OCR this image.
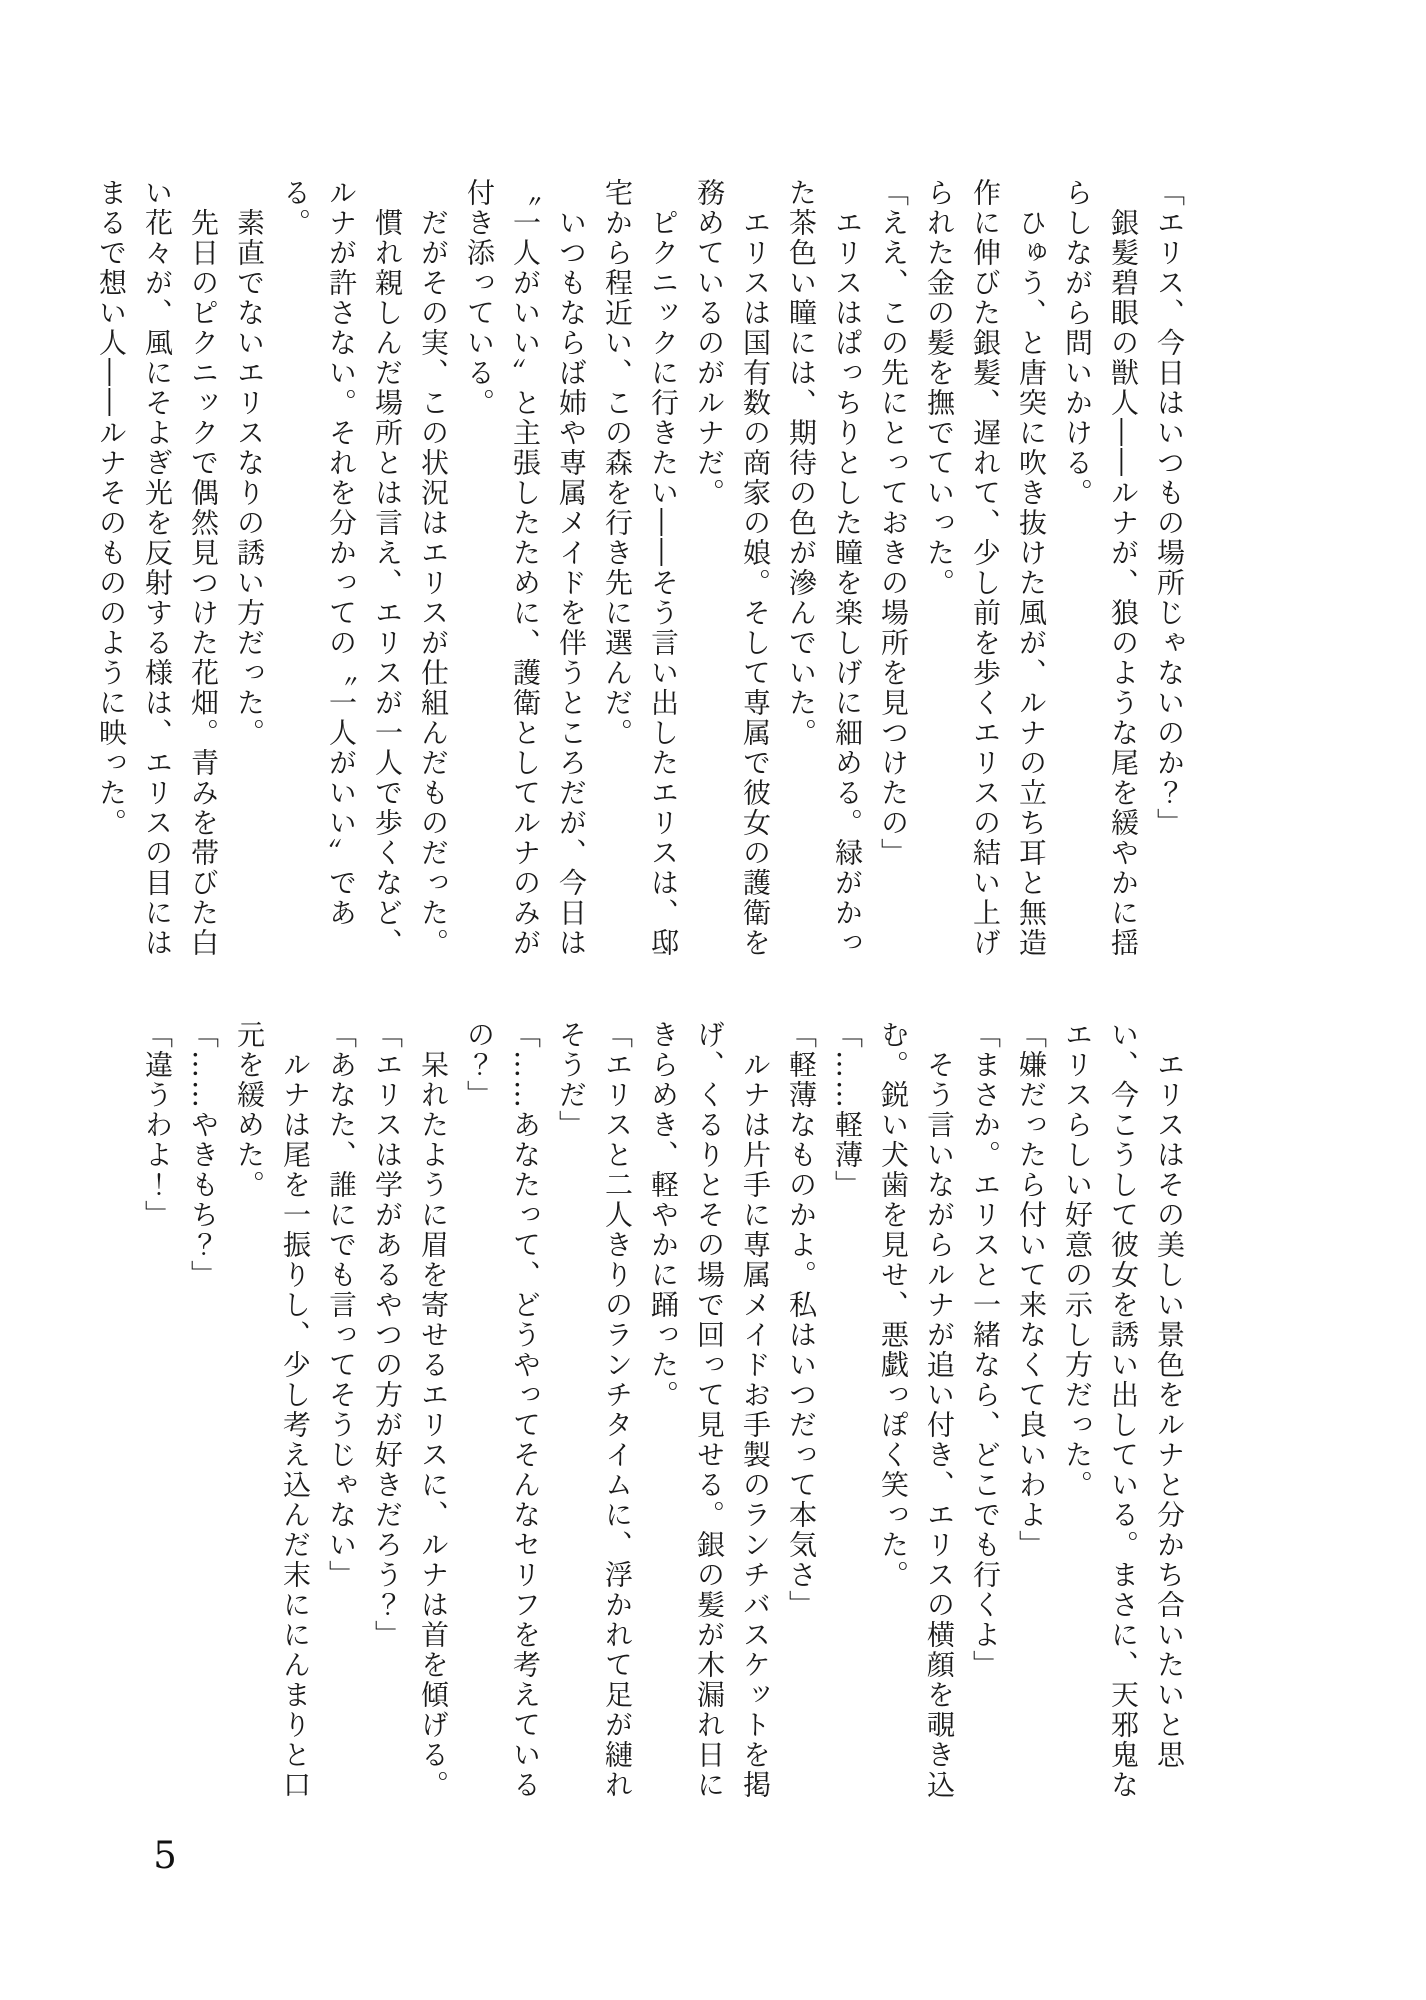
「エリス、今日はいつもの場所じゃないのか？」

銀髪碧眼の獣人――ルナが、狼のような尾を緩やかに揺らしながら問いかける。

ひゅう、と唐突に吹き抜けた風が、ルナの立ち耳と無造作に伸びた銀髪、遅れて、少し前を歩くエリスの結い上げられた金の髪を撫でていった。

「ええ、この先にとっておきの場所を見つけたの」

エリスはぱっちりとした瞳を楽しげに細める。緑がかった茶色い瞳には、期待の色が滲んでいた。

エリスは国有数の商家の娘。そして専属で彼女の護衛を務めているのがルナだ。

ピクニックに行きたい――そう言い出したエリスは、邸宅から程近い、この森を行き先に選んだ。

いつもならば姉や専属メイドを伴うところだが、今日は〝一人がいい〟と主張したために、護衛としてルナのみが付き添っている。

だがその実、この状況はエリスが仕組んだものだった。

慣れ親しんだ場所とは言え、エリスが一人で歩くなど、ルナが許さない。それを分かっての〝一人がいい〟である。

素直でないエリスなりの誘い方だった。

先日のピクニックで偶然見つけた花畑。青みを帯びた白い花々が、風にそよぎ光を反射する様は、エリスの目にはまるで想い人――ルナそのもののように映った。

エリスはその美しい景色をルナと分かち合いたいと思い、今こうして彼女を誘い出している。まさに、天邪鬼なエリスらしい好意の示し方だった。

「嫌だったら付いて来なくて良いわよ」

「まさか。エリスと一緒なら、どこでも行くよ」

そう言いながらルナが追い付き、エリスの横顔を覗き込む。鋭い犬歯を見せ、悪戯っぽく笑った。

「……軽薄」

「軽薄なものかよ。私はいつだって本気さ」

ルナは片手に専属メイドお手製のランチバスケットを掲げ、くるりとその場で回って見せる。銀の髪が木漏れ日にきらめき、軽やかに踊った。

「エリスと二人きりのランチタイムに、浮かれて足が縺れそうだ」

「……あなたって、どうやってそんなセリフを考えているの？」

呆れたように眉を寄せるエリスに、ルナは首を傾げる。

「エリスは学があるやつの方が好きだろう？」

「あなた、誰にでも言ってそうじゃない」

ルナは尾を一振りし、少し考え込んだ末ににんまりと口元を緩めた。

「……やきもち？」

「違うわよ！」

5
